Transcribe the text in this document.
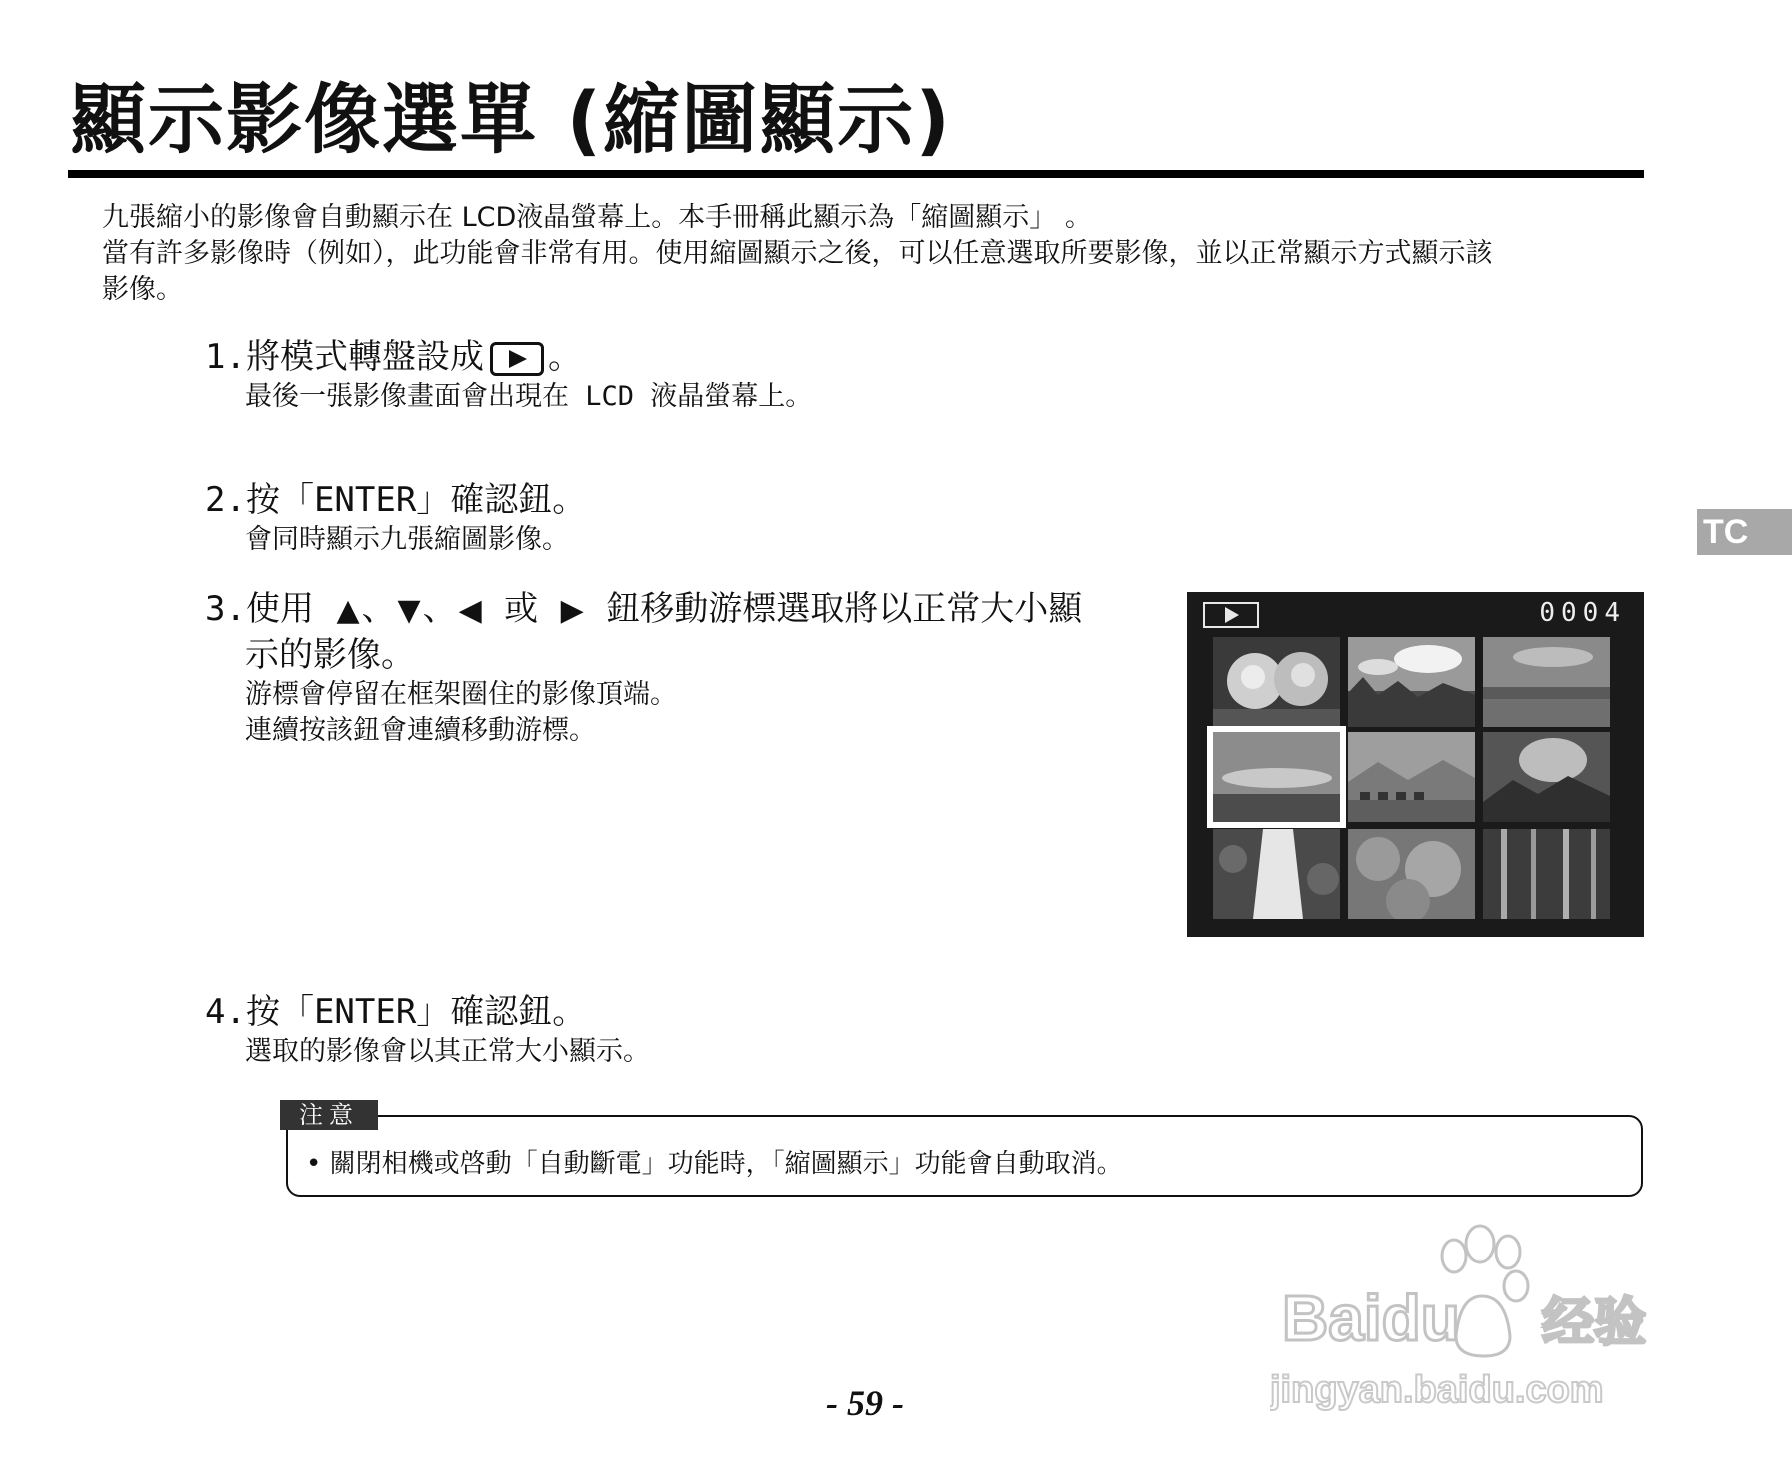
顯示影像選單 (縮圖顯示)
TC

九張縮小的影像會自動顯示在 LCD液晶螢幕上。本手冊稱此顯示為「縮圖顯示」 。

當有許多影像時（例如），此功能會非常有用。使用縮圖顯示之後，可以任意選取所要影像，並以正常顯示方式顯示該

影像。

1.將模式轉盤設成 。
最後一張影像畫面會出現在 LCD 液晶螢幕上。
2.按「ENTER」確認鈕。
會同時顯示九張縮圖影像。
3.使用 ▲、▼、◀ 或 ▶ 鈕移動游標選取將以正常大小顯
示的影像。
游標會停留在框架圈住的影像頂端。
連續按該鈕會連續移動游標。
4.按「ENTER」確認鈕。
選取的影像會以其正常大小顯示。
0004
注意
• 關閉相機或啓動「自動斷電」功能時，「縮圖顯示」功能會自動取消。
- 59 -
Baidu 经验
jingyan.baidu.com
